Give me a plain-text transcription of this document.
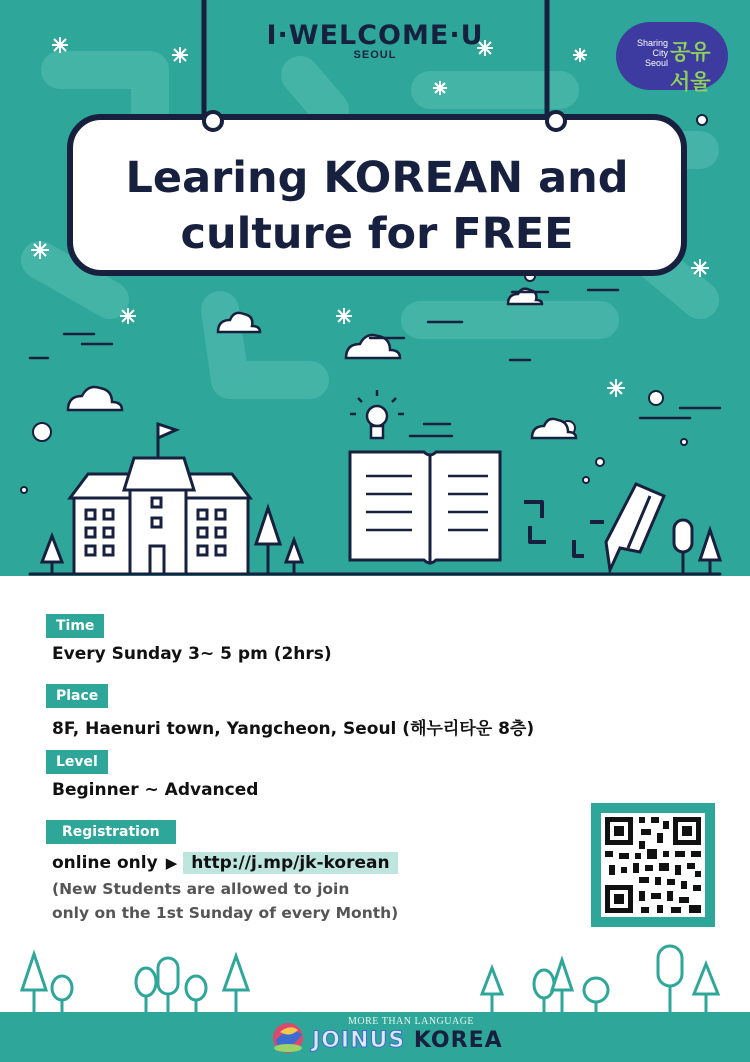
I·WELCOME·U
SEOUL
Sharing City Seoul 공유서울
Learing KOREAN and
culture for FREE
Time
Every Sunday 3~ 5 pm (2hrs)
Place
8F, Haenuri town, Yangcheon, Seoul (해누리타운 8층)
Level
Beginner ~ Advanced
Registration
online only ▶ http://j.mp/jk-korean
(New Students are allowed to join
only on the 1st Sunday of every Month)
MORE THAN LANGUAGE
JOINUS KOREA
